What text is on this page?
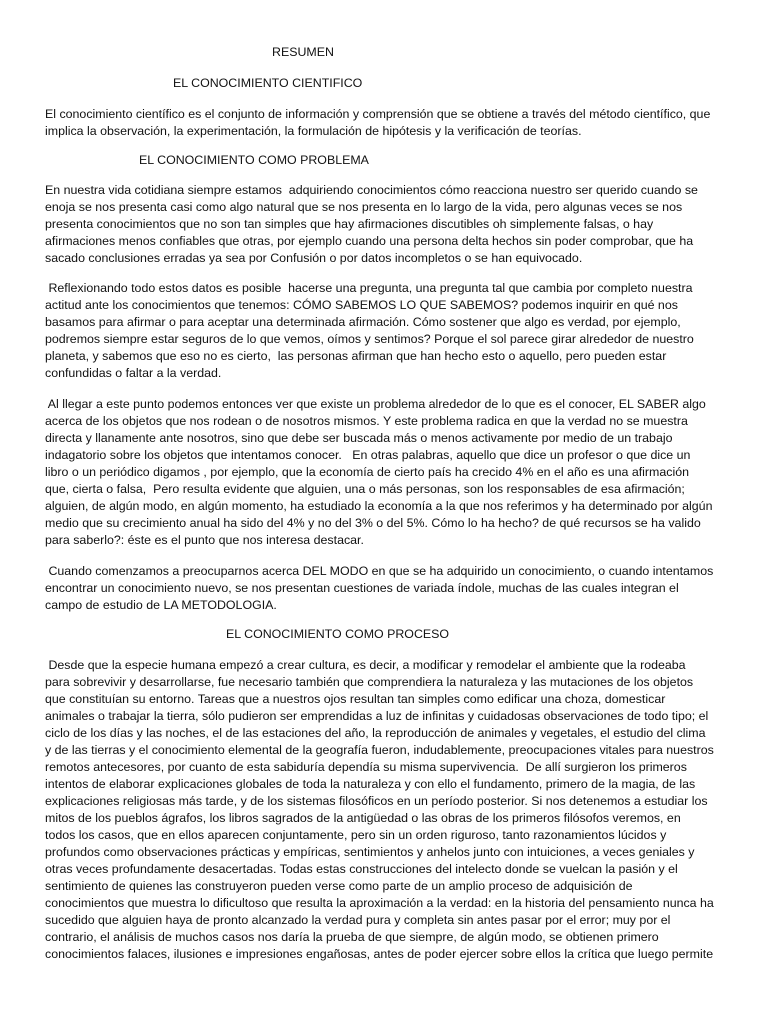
RESUMEN
EL CONOCIMIENTO CIENTIFICO

El conocimiento científico es el conjunto de información y comprensión que se obtiene a través del método científico, que
implica la observación, la experimentación, la formulación de hipótesis y la verificación de teorías.

EL CONOCIMIENTO COMO PROBLEMA

En nuestra vida cotidiana siempre estamos  adquiriendo conocimientos cómo reacciona nuestro ser querido cuando se
enoja se nos presenta casi como algo natural que se nos presenta en lo largo de la vida, pero algunas veces se nos
presenta conocimientos que no son tan simples que hay afirmaciones discutibles oh simplemente falsas, o hay
afirmaciones menos confiables que otras, por ejemplo cuando una persona delta hechos sin poder comprobar, que ha
sacado conclusiones erradas ya sea por Confusión o por datos incompletos o se han equivocado.

Reflexionando todo estos datos es posible  hacerse una pregunta, una pregunta tal que cambia por completo nuestra
actitud ante los conocimientos que tenemos: CÓMO SABEMOS LO QUE SABEMOS? podemos inquirir en qué nos
basamos para afirmar o para aceptar una determinada afirmación. Cómo sostener que algo es verdad, por ejemplo,
podremos siempre estar seguros de lo que vemos, oímos y sentimos? Porque el sol parece girar alrededor de nuestro
planeta, y sabemos que eso no es cierto,  las personas afirman que han hecho esto o aquello, pero pueden estar
confundidas o faltar a la verdad.

Al llegar a este punto podemos entonces ver que existe un problema alrededor de lo que es el conocer, EL SABER algo
acerca de los objetos que nos rodean o de nosotros mismos. Y este problema radica en que la verdad no se muestra
directa y llanamente ante nosotros, sino que debe ser buscada más o menos activamente por medio de un trabajo
indagatorio sobre los objetos que intentamos conocer.   En otras palabras, aquello que dice un profesor o que dice un
libro o un periódico digamos , por ejemplo, que la economía de cierto país ha crecido 4% en el año es una afirmación
que, cierta o falsa,  Pero resulta evidente que alguien, una o más personas, son los responsables de esa afirmación;
alguien, de algún modo, en algún momento, ha estudiado la economía a la que nos referimos y ha determinado por algún
medio que su crecimiento anual ha sido del 4% y no del 3% o del 5%. Cómo lo ha hecho? de qué recursos se ha valido
para saberlo?: éste es el punto que nos interesa destacar.

Cuando comenzamos a preocuparnos acerca DEL MODO en que se ha adquirido un conocimiento, o cuando intentamos
encontrar un conocimiento nuevo, se nos presentan cuestiones de variada índole, muchas de las cuales integran el
campo de estudio de LA METODOLOGIA.

EL CONOCIMIENTO COMO PROCESO

Desde que la especie humana empezó a crear cultura, es decir, a modificar y remodelar el ambiente que la rodeaba
para sobrevivir y desarrollarse, fue necesario también que comprendiera la naturaleza y las mutaciones de los objetos
que constituían su entorno. Tareas que a nuestros ojos resultan tan simples como edificar una choza, domesticar
animales o trabajar la tierra, sólo pudieron ser emprendidas a luz de infinitas y cuidadosas observaciones de todo tipo; el
ciclo de los días y las noches, el de las estaciones del año, la reproducción de animales y vegetales, el estudio del clima
y de las tierras y el conocimiento elemental de la geografía fueron, indudablemente, preocupaciones vitales para nuestros
remotos antecesores, por cuanto de esta sabiduría dependía su misma supervivencia.  De allí surgieron los primeros
intentos de elaborar explicaciones globales de toda la naturaleza y con ello el fundamento, primero de la magia, de las
explicaciones religiosas más tarde, y de los sistemas filosóficos en un período posterior. Si nos detenemos a estudiar los
mitos de los pueblos ágrafos, los libros sagrados de la antigüedad o las obras de los primeros filósofos veremos, en
todos los casos, que en ellos aparecen conjuntamente, pero sin un orden riguroso, tanto razonamientos lúcidos y
profundos como observaciones prácticas y empíricas, sentimientos y anhelos junto con intuiciones, a veces geniales y
otras veces profundamente desacertadas. Todas estas construcciones del intelecto donde se vuelcan la pasión y el
sentimiento de quienes las construyeron pueden verse como parte de un amplio proceso de adquisición de
conocimientos que muestra lo dificultoso que resulta la aproximación a la verdad: en la historia del pensamiento nunca ha
sucedido que alguien haya de pronto alcanzado la verdad pura y completa sin antes pasar por el error; muy por el
contrario, el análisis de muchos casos nos daría la prueba de que siempre, de algún modo, se obtienen primero
conocimientos falaces, ilusiones e impresiones engañosas, antes de poder ejercer sobre ellos la crítica que luego permite
